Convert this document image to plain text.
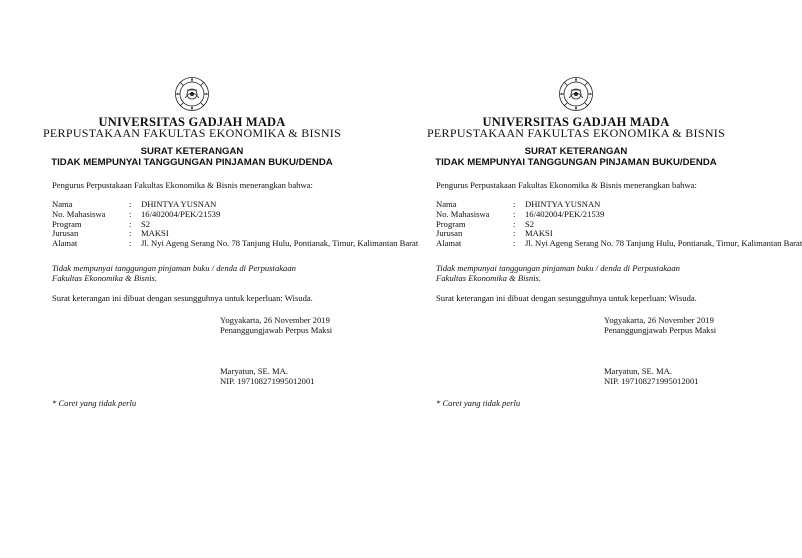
UNIVERSITAS GADJAH MADA
PERPUSTAKAAN FAKULTAS EKONOMIKA & BISNIS
SURAT KETERANGAN
TIDAK MEMPUNYAI TANGGUNGAN PINJAMAN BUKU/DENDA
Pengurus Perpustakaan Fakultas Ekonomika & Bisnis menerangkan bahwa:
Nama	:	DHINTYA YUSNAN
No. Mahasiswa	:	16/402004/PEK/21539
Program	:	S2
Jurusan	:	MAKSI
Alamat	:	Jl. Nyi Ageng Serang No. 78 Tanjung Hulu, Pontianak, Timur, Kalimantan Barat
Tidak mempunyai tanggungan pinjaman buku / denda di Perpustakaan
Fakultas Ekonomika & Bisnis.
Surat keterangan ini dibuat dengan sesungguhnya untuk keperluan: Wisuda.
Yogyakarta, 26 November 2019
Penanggungjawab Perpus Maksi
Maryatun, SE. MA.
NIP. 197108271995012001
* Coret yang tidak perlu
UNIVERSITAS GADJAH MADA
PERPUSTAKAAN FAKULTAS EKONOMIKA & BISNIS
SURAT KETERANGAN
TIDAK MEMPUNYAI TANGGUNGAN PINJAMAN BUKU/DENDA
Pengurus Perpustakaan Fakultas Ekonomika & Bisnis menerangkan bahwa:
Nama	:	DHINTYA YUSNAN
No. Mahasiswa	:	16/402004/PEK/21539
Program	:	S2
Jurusan	:	MAKSI
Alamat	:	Jl. Nyi Ageng Serang No. 78 Tanjung Hulu, Pontianak, Timur, Kalimantan Barat
Tidak mempunyai tanggungan pinjaman buku / denda di Perpustakaan
Fakultas Ekonomika & Bisnis.
Surat keterangan ini dibuat dengan sesungguhnya untuk keperluan: Wisuda.
Yogyakarta, 26 November 2019
Penanggungjawab Perpus Maksi
Maryatun, SE. MA.
NIP. 197108271995012001
* Coret yang tidak perlu
